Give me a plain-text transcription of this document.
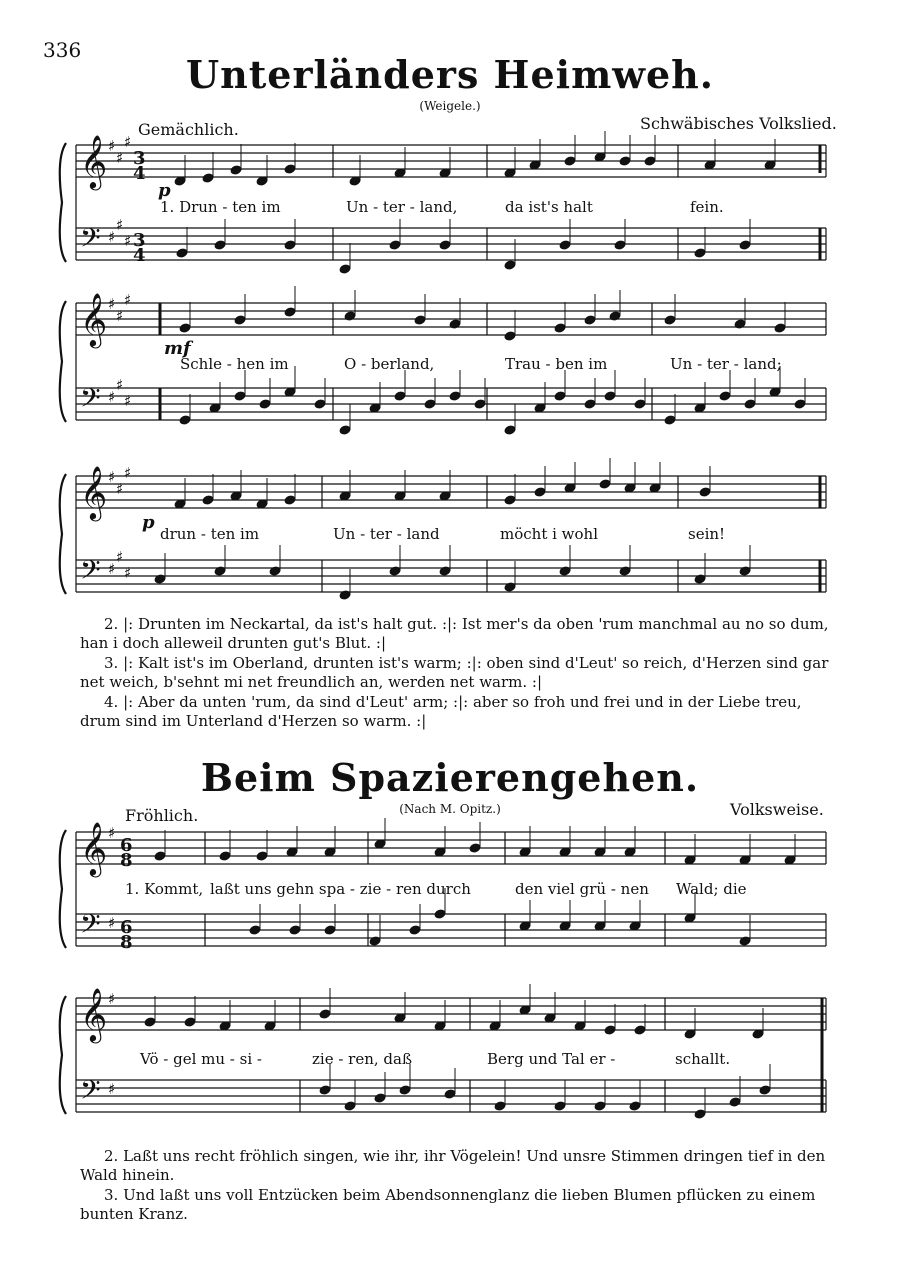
336
Unterländers Heimweh.
(Weigele.)
Gemächlich.	Schwäbisches Volkslied.
𝄞
𝄢
♯
♯
♯
♯
♯
♯
𝄞
𝄢
♯
♯
♯
♯
♯
♯
𝄞
𝄢
♯
♯
♯
♯
♯
♯
𝄞
𝄢
♯
♯
𝄞
𝄢
♯
♯
p
mf
p
3
4
3
4
1. Drun - ten im	Un - ter - land,	da ist's halt	fein.
Schle - hen im	O - berland,	Trau - ben im	Un - ter - land;
drun - ten im	Un - ter - land	möcht i wohl	sein!
2. |: Drunten im Neckartal, da ist's halt gut. :|: Ist mer's da oben 'rum manchmal au no so dum, han i doch alleweil drunten gut's Blut. :|
3. |: Kalt ist's im Oberland, drunten ist's warm; :|: oben sind d'Leut' so reich, d'Herzen sind gar net weich, b'sehnt mi net freundlich an, werden net warm. :|
4. |: Aber da unten 'rum, da sind d'Leut' arm; :|: aber so froh und frei und in der Liebe treu, drum sind im Unterland d'Herzen so warm. :|
Beim Spazierengehen.
(Nach M. Opitz.)
Fröhlich.	Volksweise.
6
8
6
8
1. Kommt, laßt uns gehn spa - zie - ren durch	den viel grü - nen Wald; die
Vö - gel mu - si -	zie - ren, daß	Berg und Tal er -	schallt.
2. Laßt uns recht fröhlich singen, wie ihr, ihr Vögelein! Und unsre Stimmen dringen tief in den Wald hinein.
3. Und laßt uns voll Entzücken beim Abendsonnenglanz die lieben Blumen pflücken zu einem bunten Kranz.
